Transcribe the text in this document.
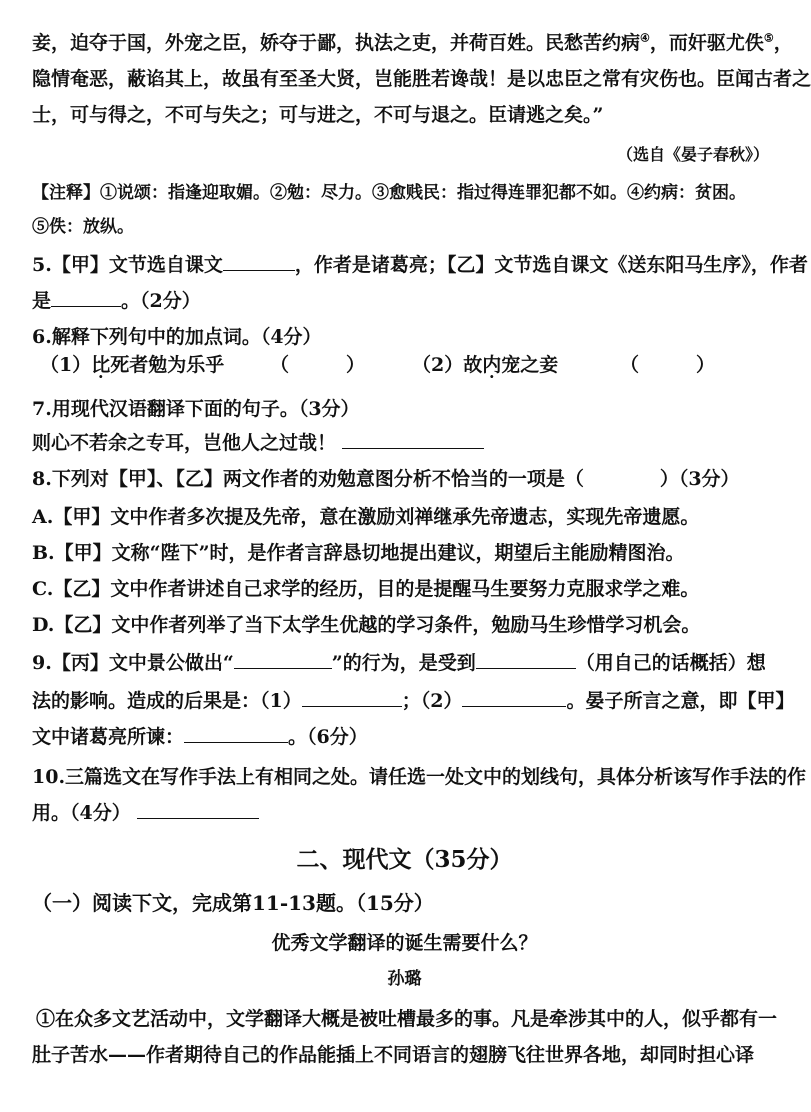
妾，迫夺于国，外宠之臣，娇夺于鄙，执法之吏，并荷百姓。民愁苦约病④，而奸驱尤佚⑤，
隐情奄恶，蔽谄其上，故虽有至圣大贤，岂能胜若谗哉！是以忠臣之常有灾伤也。臣闻古者之
士，可与得之，不可与失之；可与进之，不可与退之。臣请逃之矣。”
（选自《晏子春秋》）
【注释】①说颂：指逢迎取媚。②勉：尽力。③愈贱民：指过得连罪犯都不如。④约病：贫困。
⑤佚：放纵。
5.【甲】文节选自课文	，作者是诸葛亮；【乙】文节选自课文《送东阳马生序》，作者
是	。（2分）
6.解释下列句中的加点词。（4分）
（1）比死者勉为乐乎 （　　　） （2）故内宠之妾	（　　　）
7.用现代汉语翻译下面的句子。（3分）
则心不若余之专耳，岂他人之过哉！
8.下列对【甲】、【乙】两文作者的劝勉意图分析不恰当的一项是（　　　　）（3分）
A.【甲】文中作者多次提及先帝，意在激励刘禅继承先帝遗志，实现先帝遗愿。
B.【甲】文称“陛下”时，是作者言辞恳切地提出建议，期望后主能励精图治。
C.【乙】文中作者讲述自己求学的经历，目的是提醒马生要努力克服求学之难。
D.【乙】文中作者列举了当下太学生优越的学习条件，勉励马生珍惜学习机会。
9.【丙】文中景公做出“	”的行为，是受到	（用自己的话概括）想
法的影响。造成的后果是：（1）	；（2）	。晏子所言之意，即【甲】
文中诸葛亮所谏：	。（6分）
10.三篇选文在写作手法上有相同之处。请任选一处文中的划线句，具体分析该写作手法的作
用。（4分）
二、现代文（35分）
（一）阅读下文，完成第11-13题。（15分）
优秀文学翻译的诞生需要什么？
孙璐
①在众多文艺活动中，文学翻译大概是被吐槽最多的事。凡是牵涉其中的人，似乎都有一
肚子苦水——作者期待自己的作品能插上不同语言的翅膀飞往世界各地，却同时担心译
